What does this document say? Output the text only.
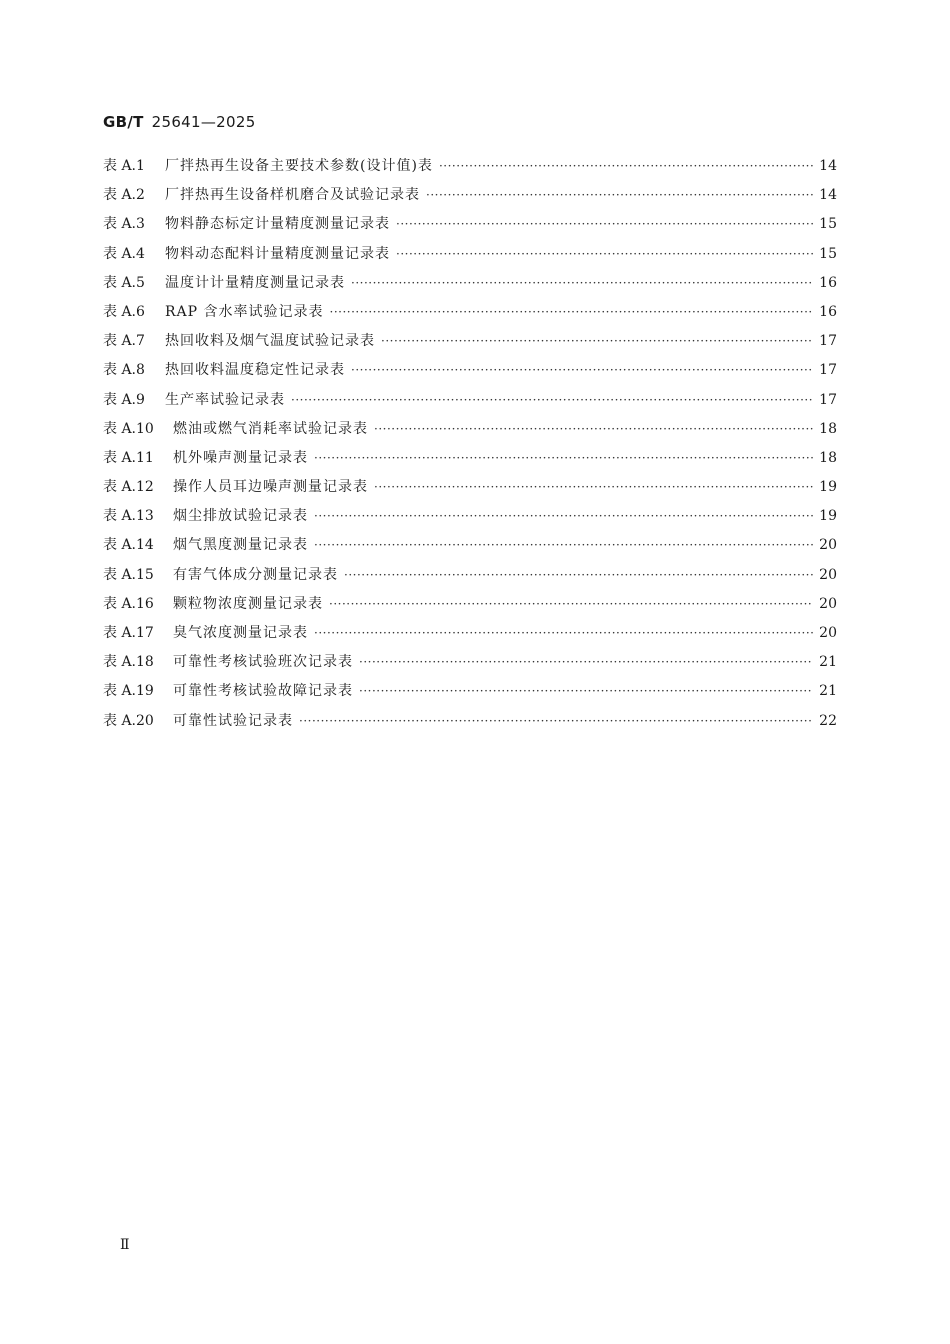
GB/T 25641—2025
表 A.1	厂拌热再生设备主要技术参数(设计值)表 ·····	14
表 A.2	厂拌热再生设备样机磨合及试验记录表 ·····	14
表 A.3	物料静态标定计量精度测量记录表 ·····	15
表 A.4	物料动态配料计量精度测量记录表 ·····	15
表 A.5	温度计计量精度测量记录表 ·····	16
表 A.6	RAP 含水率试验记录表 ·····	16
表 A.7	热回收料及烟气温度试验记录表 ·····	17
表 A.8	热回收料温度稳定性记录表 ·····	17
表 A.9	生产率试验记录表 ·····	17
表 A.10	燃油或燃气消耗率试验记录表 ·····	18
表 A.11	机外噪声测量记录表 ·····	18
表 A.12	操作人员耳边噪声测量记录表 ·····	19
表 A.13	烟尘排放试验记录表 ·····	19
表 A.14	烟气黑度测量记录表 ·····	20
表 A.15	有害气体成分测量记录表 ·····	20
表 A.16	颗粒物浓度测量记录表 ·····	20
表 A.17	臭气浓度测量记录表 ·····	20
表 A.18	可靠性考核试验班次记录表 ·····	21
表 A.19	可靠性考核试验故障记录表 ·····	21
表 A.20	可靠性试验记录表 ·····	22
Ⅱ
